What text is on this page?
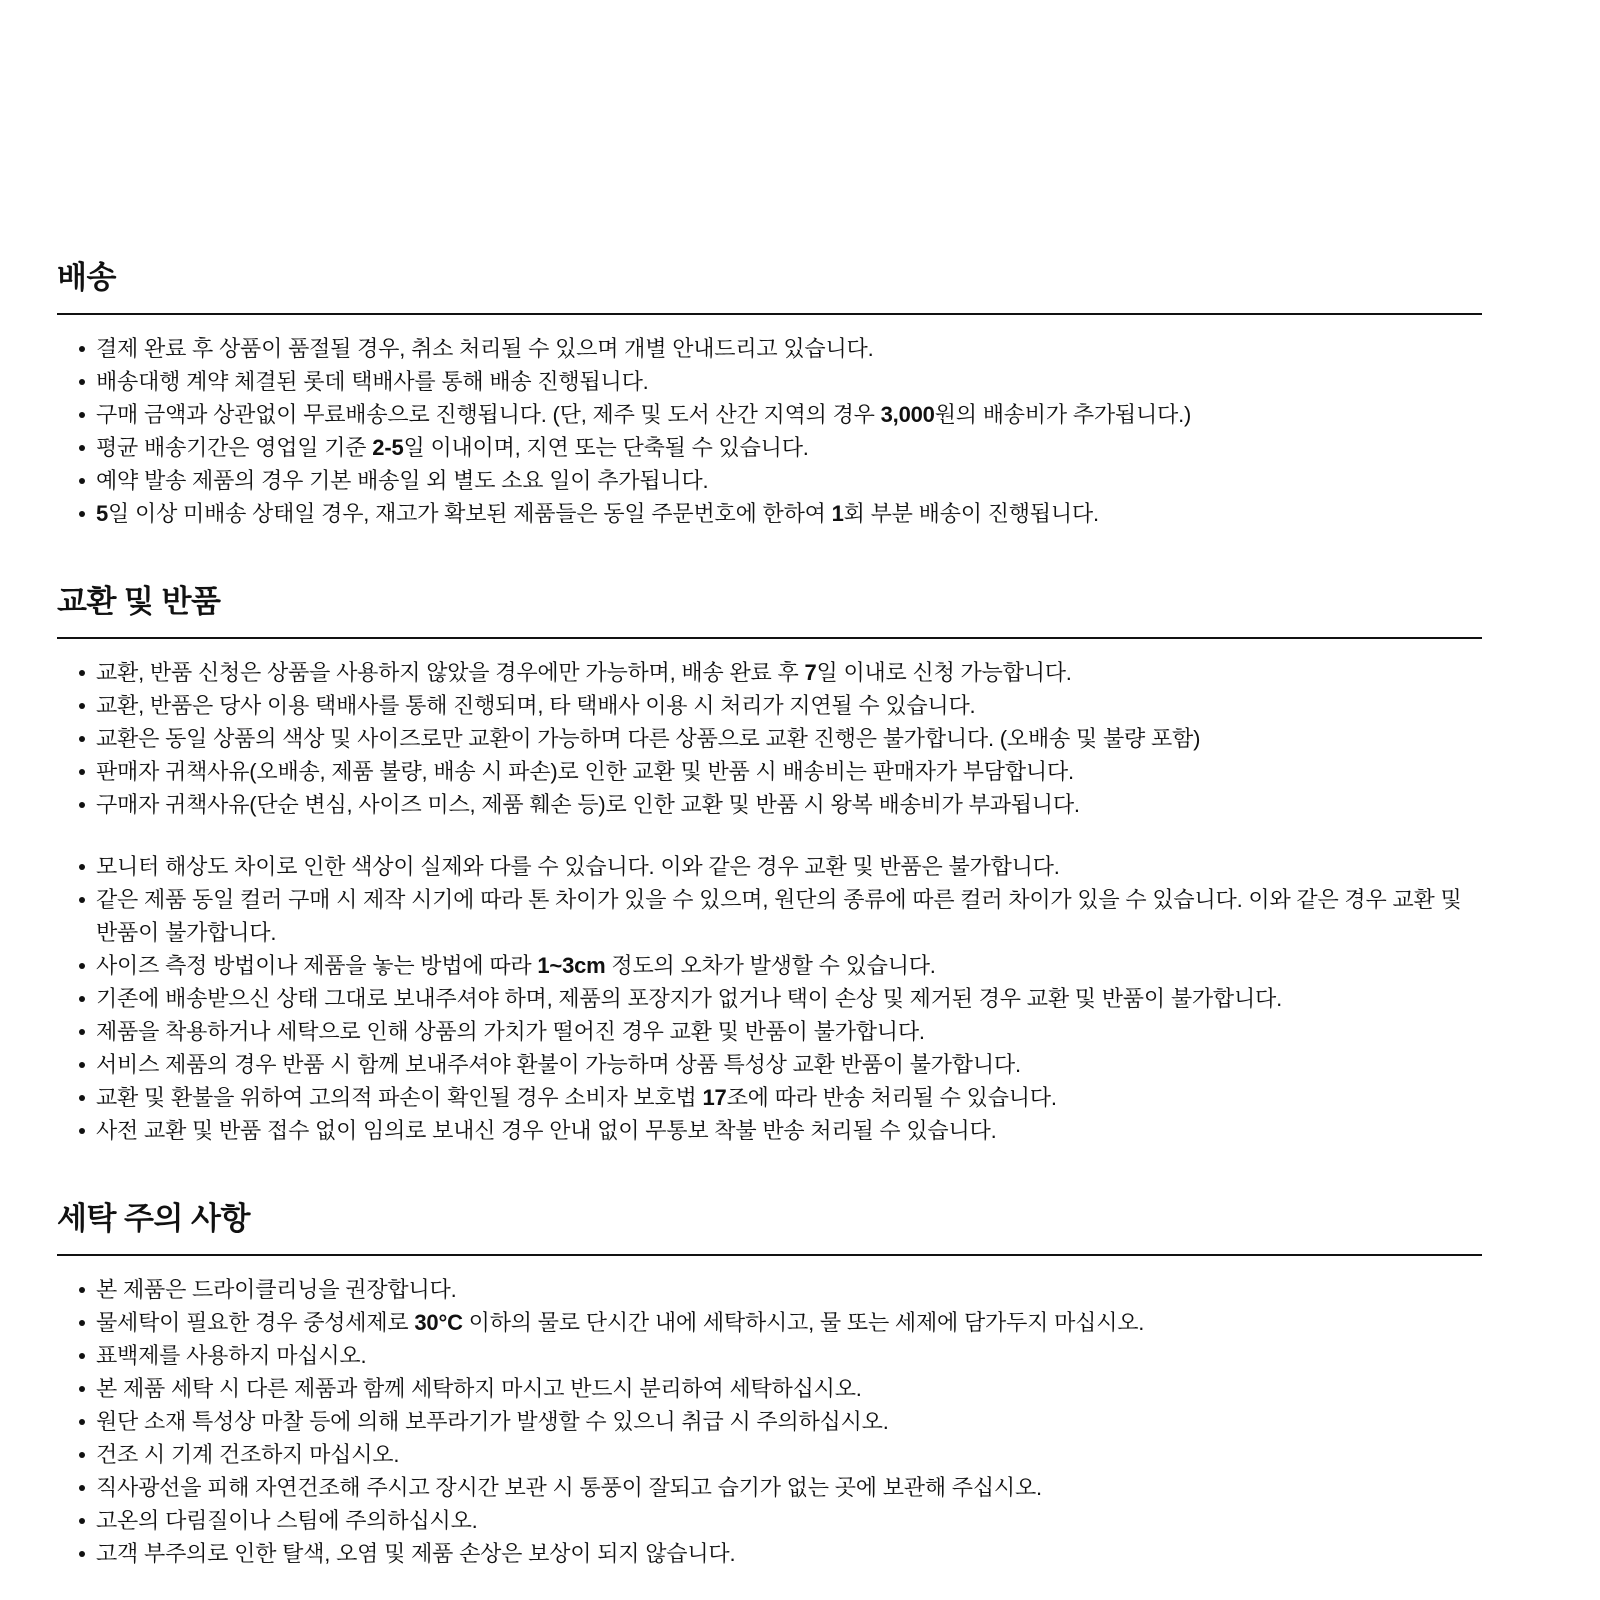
배송
결제 완료 후 상품이 품절될 경우, 취소 처리될 수 있으며 개별 안내드리고 있습니다.
배송대행 계약 체결된 롯데 택배사를 통해 배송 진행됩니다.
구매 금액과 상관없이 무료배송으로 진행됩니다. (단, 제주 및 도서 산간 지역의 경우 3,000원의 배송비가 추가됩니다.)
평균 배송기간은 영업일 기준 2-5일 이내이며, 지연 또는 단축될 수 있습니다.
예약 발송 제품의 경우 기본 배송일 외 별도 소요 일이 추가됩니다.
5일 이상 미배송 상태일 경우, 재고가 확보된 제품들은 동일 주문번호에 한하여 1회 부분 배송이 진행됩니다.
교환 및 반품
교환, 반품 신청은 상품을 사용하지 않았을 경우에만 가능하며, 배송 완료 후 7일 이내로 신청 가능합니다.
교환, 반품은 당사 이용 택배사를 통해 진행되며, 타 택배사 이용 시 처리가 지연될 수 있습니다.
교환은 동일 상품의 색상 및 사이즈로만 교환이 가능하며 다른 상품으로 교환 진행은 불가합니다. (오배송 및 불량 포함)
판매자 귀책사유(오배송, 제품 불량, 배송 시 파손)로 인한 교환 및 반품 시 배송비는 판매자가 부담합니다.
구매자 귀책사유(단순 변심, 사이즈 미스, 제품 훼손 등)로 인한 교환 및 반품 시 왕복 배송비가 부과됩니다.
모니터 해상도 차이로 인한 색상이 실제와 다를 수 있습니다. 이와 같은 경우 교환 및 반품은 불가합니다.
같은 제품 동일 컬러 구매 시 제작 시기에 따라 톤 차이가 있을 수 있으며, 원단의 종류에 따른 컬러 차이가 있을 수 있습니다. 이와 같은 경우 교환 및 반품이 불가합니다.
사이즈 측정 방법이나 제품을 놓는 방법에 따라 1~3cm 정도의 오차가 발생할 수 있습니다.
기존에 배송받으신 상태 그대로 보내주셔야 하며, 제품의 포장지가 없거나 택이 손상 및 제거된 경우 교환 및 반품이 불가합니다.
제품을 착용하거나 세탁으로 인해 상품의 가치가 떨어진 경우 교환 및 반품이 불가합니다.
서비스 제품의 경우 반품 시 함께 보내주셔야 환불이 가능하며 상품 특성상 교환 반품이 불가합니다.
교환 및 환불을 위하여 고의적 파손이 확인될 경우 소비자 보호법 17조에 따라 반송 처리될 수 있습니다.
사전 교환 및 반품 접수 없이 임의로 보내신 경우 안내 없이 무통보 착불 반송 처리될 수 있습니다.
세탁 주의 사항
본 제품은 드라이클리닝을 권장합니다.
물세탁이 필요한 경우 중성세제로 30°C 이하의 물로 단시간 내에 세탁하시고, 물 또는 세제에 담가두지 마십시오.
표백제를 사용하지 마십시오.
본 제품 세탁 시 다른 제품과 함께 세탁하지 마시고 반드시 분리하여 세탁하십시오.
원단 소재 특성상 마찰 등에 의해 보푸라기가 발생할 수 있으니 취급 시 주의하십시오.
건조 시 기계 건조하지 마십시오.
직사광선을 피해 자연건조해 주시고 장시간 보관 시 통풍이 잘되고 습기가 없는 곳에 보관해 주십시오.
고온의 다림질이나 스팀에 주의하십시오.
고객 부주의로 인한 탈색, 오염 및 제품 손상은 보상이 되지 않습니다.
